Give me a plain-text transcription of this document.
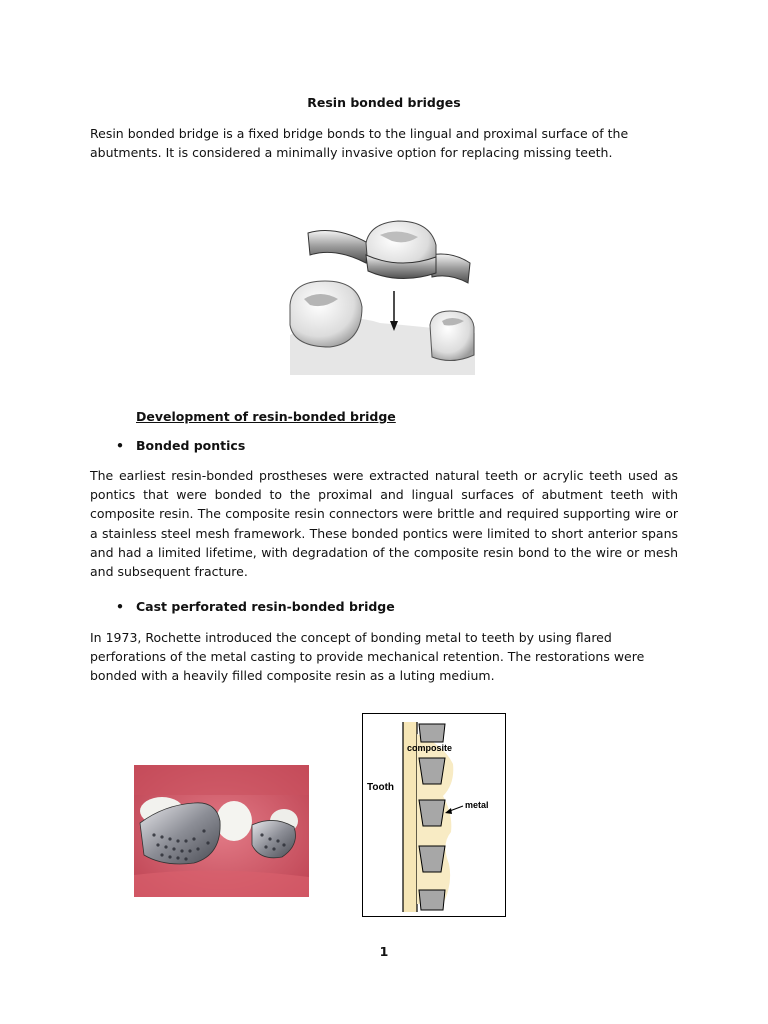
Resin bonded bridges
Resin bonded bridge is a fixed bridge bonds to the lingual and proximal surface of the abutments. It is considered a minimally invasive option for replacing missing teeth.
Development of resin-bonded bridge
• Bonded pontics
The earliest resin-bonded prostheses were extracted natural teeth or acrylic teeth used as pontics that were bonded to the proximal and lingual surfaces of abutment teeth with composite resin. The composite resin connectors were brittle and required supporting wire or a stainless steel mesh framework. These bonded pontics were limited to short anterior spans and had a limited lifetime, with degradation of the composite resin bond to the wire or mesh and subsequent fracture.
• Cast perforated resin-bonded bridge
In 1973, Rochette introduced the concept of bonding metal to teeth by using flared perforations of the metal casting to provide mechanical retention. The restorations were bonded with a heavily filled composite resin as a luting medium.
composite
Tooth
metal
1
